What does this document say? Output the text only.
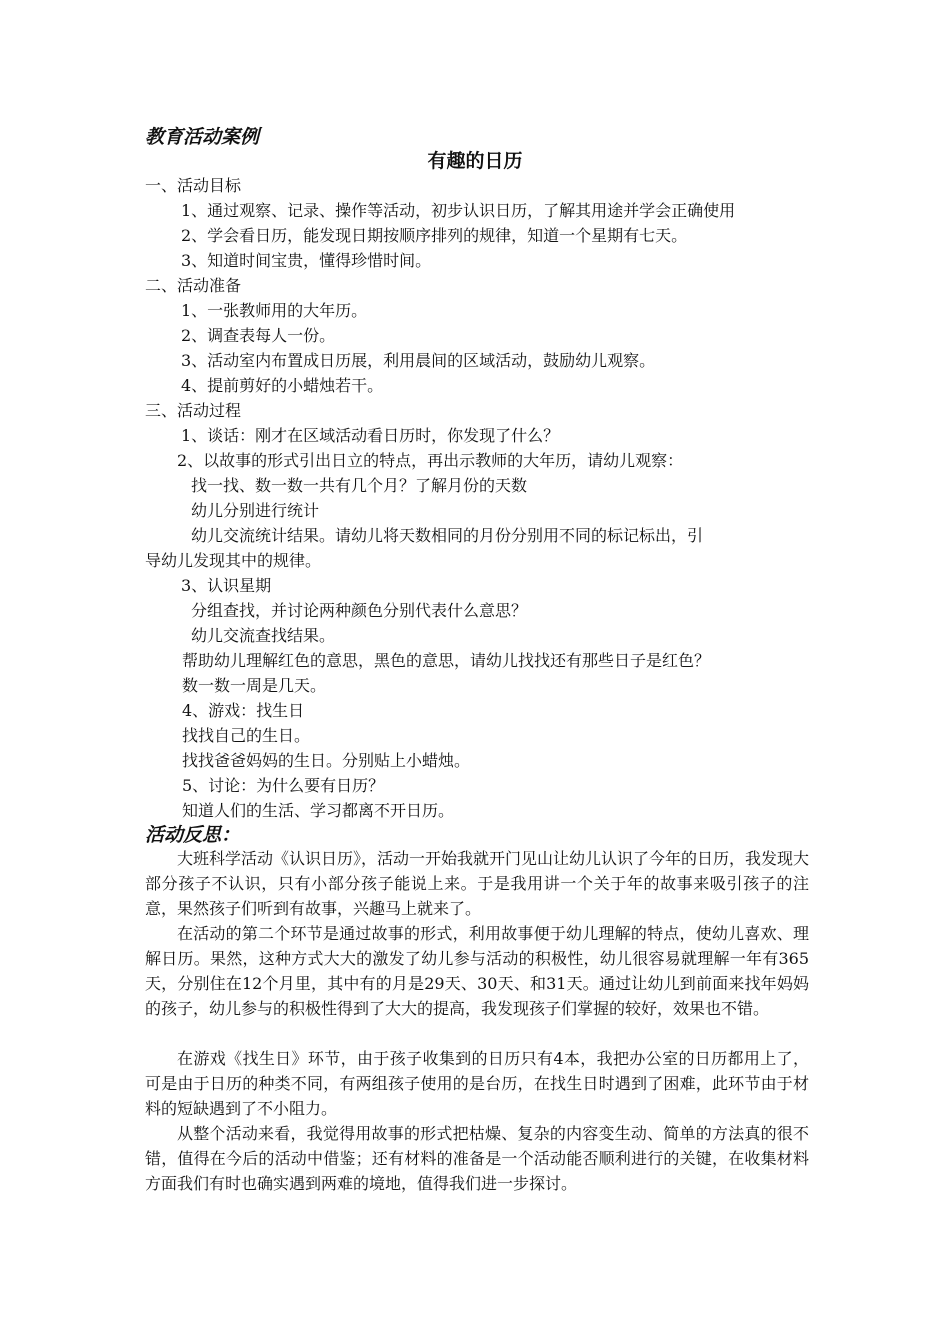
教育活动案例
有趣的日历
一、活动目标
1、通过观察、记录、操作等活动，初步认识日历，了解其用途并学会正确使用
2、学会看日历，能发现日期按顺序排列的规律，知道一个星期有七天。
3、知道时间宝贵，懂得珍惜时间。
二、活动准备
1、一张教师用的大年历。
2、调查表每人一份。
3、活动室内布置成日历展，利用晨间的区域活动，鼓励幼儿观察。
4、提前剪好的小蜡烛若干。
三、活动过程
1、谈话：刚才在区域活动看日历时，你发现了什么？
2、以故事的形式引出日立的特点，再出示教师的大年历，请幼儿观察：
找一找、数一数一共有几个月？了解月份的天数
幼儿分别进行统计
幼儿交流统计结果。请幼儿将天数相同的月份分别用不同的标记标出，引
导幼儿发现其中的规律。
3、认识星期
分组查找，并讨论两种颜色分别代表什么意思？
幼儿交流查找结果。
帮助幼儿理解红色的意思，黑色的意思，请幼儿找找还有那些日子是红色？
数一数一周是几天。
4、游戏：找生日
找找自己的生日。
找找爸爸妈妈的生日。分别贴上小蜡烛。
5、讨论：为什么要有日历？
知道人们的生活、学习都离不开日历。
活动反思：

大班科学活动《认识日历》，活动一开始我就开门见山让幼儿认识了今年的日历，我发现大部分孩子不认识，只有小部分孩子能说上来。于是我用讲一个关于年的故事来吸引孩子的注意，果然孩子们听到有故事，兴趣马上就来了。

在活动的第二个环节是通过故事的形式，利用故事便于幼儿理解的特点，使幼儿喜欢、理解日历。果然，这种方式大大的激发了幼儿参与活动的积极性，幼儿很容易就理解一年有365天，分别住在12个月里，其中有的月是29天、30天、和31天。通过让幼儿到前面来找年妈妈的孩子，幼儿参与的积极性得到了大大的提高，我发现孩子们掌握的较好，效果也不错。

在游戏《找生日》环节，由于孩子收集到的日历只有4本，我把办公室的日历都用上了，可是由于日历的种类不同，有两组孩子使用的是台历，在找生日时遇到了困难，此环节由于材料的短缺遇到了不小阻力。

从整个活动来看，我觉得用故事的形式把枯燥、复杂的内容变生动、简单的方法真的很不错，值得在今后的活动中借鉴；还有材料的准备是一个活动能否顺利进行的关键，在收集材料方面我们有时也确实遇到两难的境地，值得我们进一步探讨。
